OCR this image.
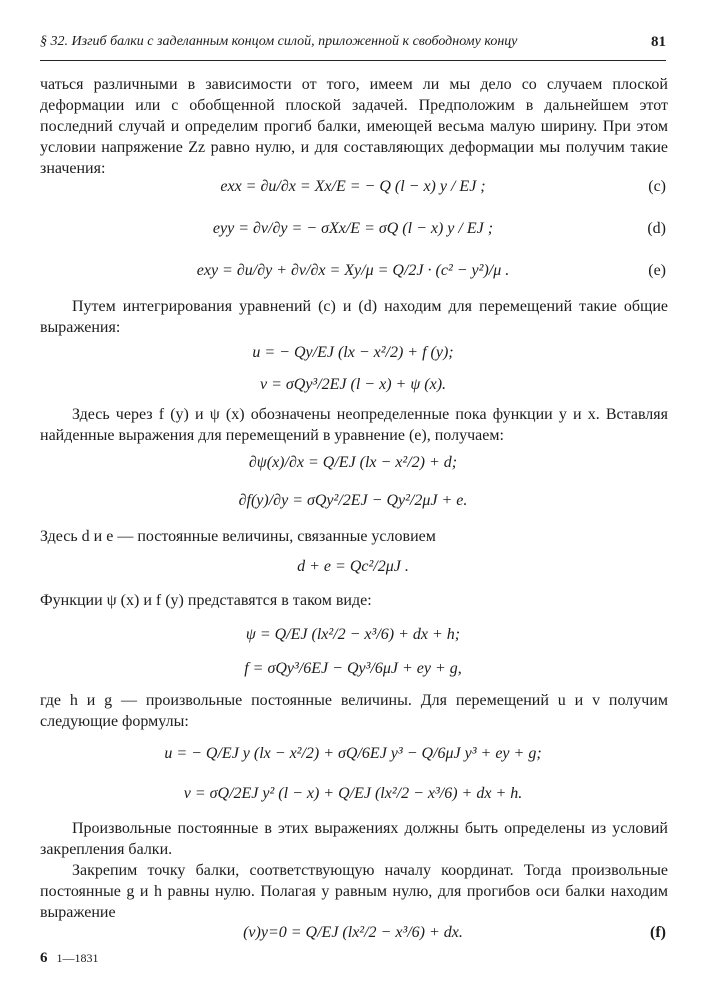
§ 32. Изгиб балки с заделанным концом силой, приложенной к свободному концу	81

чаться различными в зависимости от того, имеем ли мы дело со случаем плоской деформации или с обобщенной плоской задачей. Предположим в дальнейшем этот последний случай и определим прогиб балки, имеющей весьма малую ширину. При этом условии напряжение Zz равно нулю, и для составляющих деформации мы получим такие значения:

exx = ∂u/∂x = Xx/E = − Q (l − x) y / EJ ;	(c)
eyy = ∂v/∂y = − σXx/E = σQ (l − x) y / EJ ;	(d)
exy = ∂u/∂y + ∂v/∂x = Xy/μ = Q/2J · (c² − y²)/μ .	(e)

Путем интегрирования уравнений (c) и (d) находим для перемещений такие общие выражения:

u = − Qy/EJ (lx − x²/2) + f (y);
v = σQy³/2EJ (l − x) + ψ (x).

Здесь через f (y) и ψ (x) обозначены неопределенные пока функции y и x. Вставляя найденные выражения для перемещений в уравнение (e), получаем:

∂ψ(x)/∂x = Q/EJ (lx − x²/2) + d;
∂f(y)/∂y = σQy²/2EJ − Qy²/2μJ + e.

Здесь d и e — постоянные величины, связанные условием

d + e = Qc²/2μJ .

Функции ψ (x) и f (y) представятся в таком виде:

ψ = Q/EJ (lx²/2 − x³/6) + dx + h;
f = σQy³/6EJ − Qy³/6μJ + ey + g,

где h и g — произвольные постоянные величины. Для перемещений u и v получим следующие формулы:

u = − Q/EJ y (lx − x²/2) + σQ/6EJ y³ − Q/6μJ y³ + ey + g;
v = σQ/2EJ y² (l − x) + Q/EJ (lx²/2 − x³/6) + dx + h.

Произвольные постоянные в этих выражениях должны быть определены из условий закрепления балки.

Закрепим точку балки, соответствующую началу координат. Тогда произвольные постоянные g и h равны нулю. Полагая y равным нулю, для прогибов оси балки находим выражение

(v)y=0 = Q/EJ (lx²/2 − x³/6) + dx.	(f)
6 1—1831
